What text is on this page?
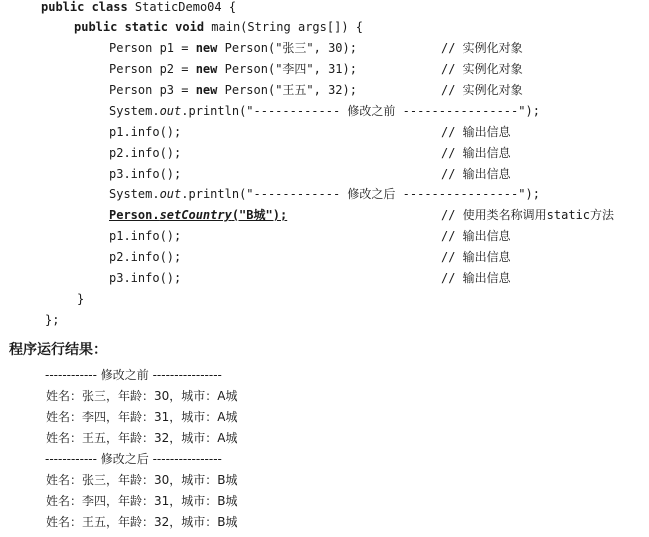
public class StaticDemo04 {
public static void main(String args[]) {
Person p1 = new Person("张三", 30);	// 实例化对象
Person p2 = new Person("李四", 31);	// 实例化对象
Person p3 = new Person("王五", 32);	// 实例化对象
System.out.println("------------ 修改之前 ----------------");
p1.info();	// 输出信息
p2.info();	// 输出信息
p3.info();	// 输出信息
System.out.println("------------ 修改之后 ----------------");
Person.setCountry("B城");	// 使用类名称调用static方法
p1.info();	// 输出信息
p2.info();	// 输出信息
p3.info();	// 输出信息
}
};
程序运行结果：
------------ 修改之前 ----------------
姓名：张三，年龄：30，城市：A城
姓名：李四，年龄：31，城市：A城
姓名：王五，年龄：32，城市：A城
------------ 修改之后 ----------------
姓名：张三，年龄：30，城市：B城
姓名：李四，年龄：31，城市：B城
姓名：王五，年龄：32，城市：B城
